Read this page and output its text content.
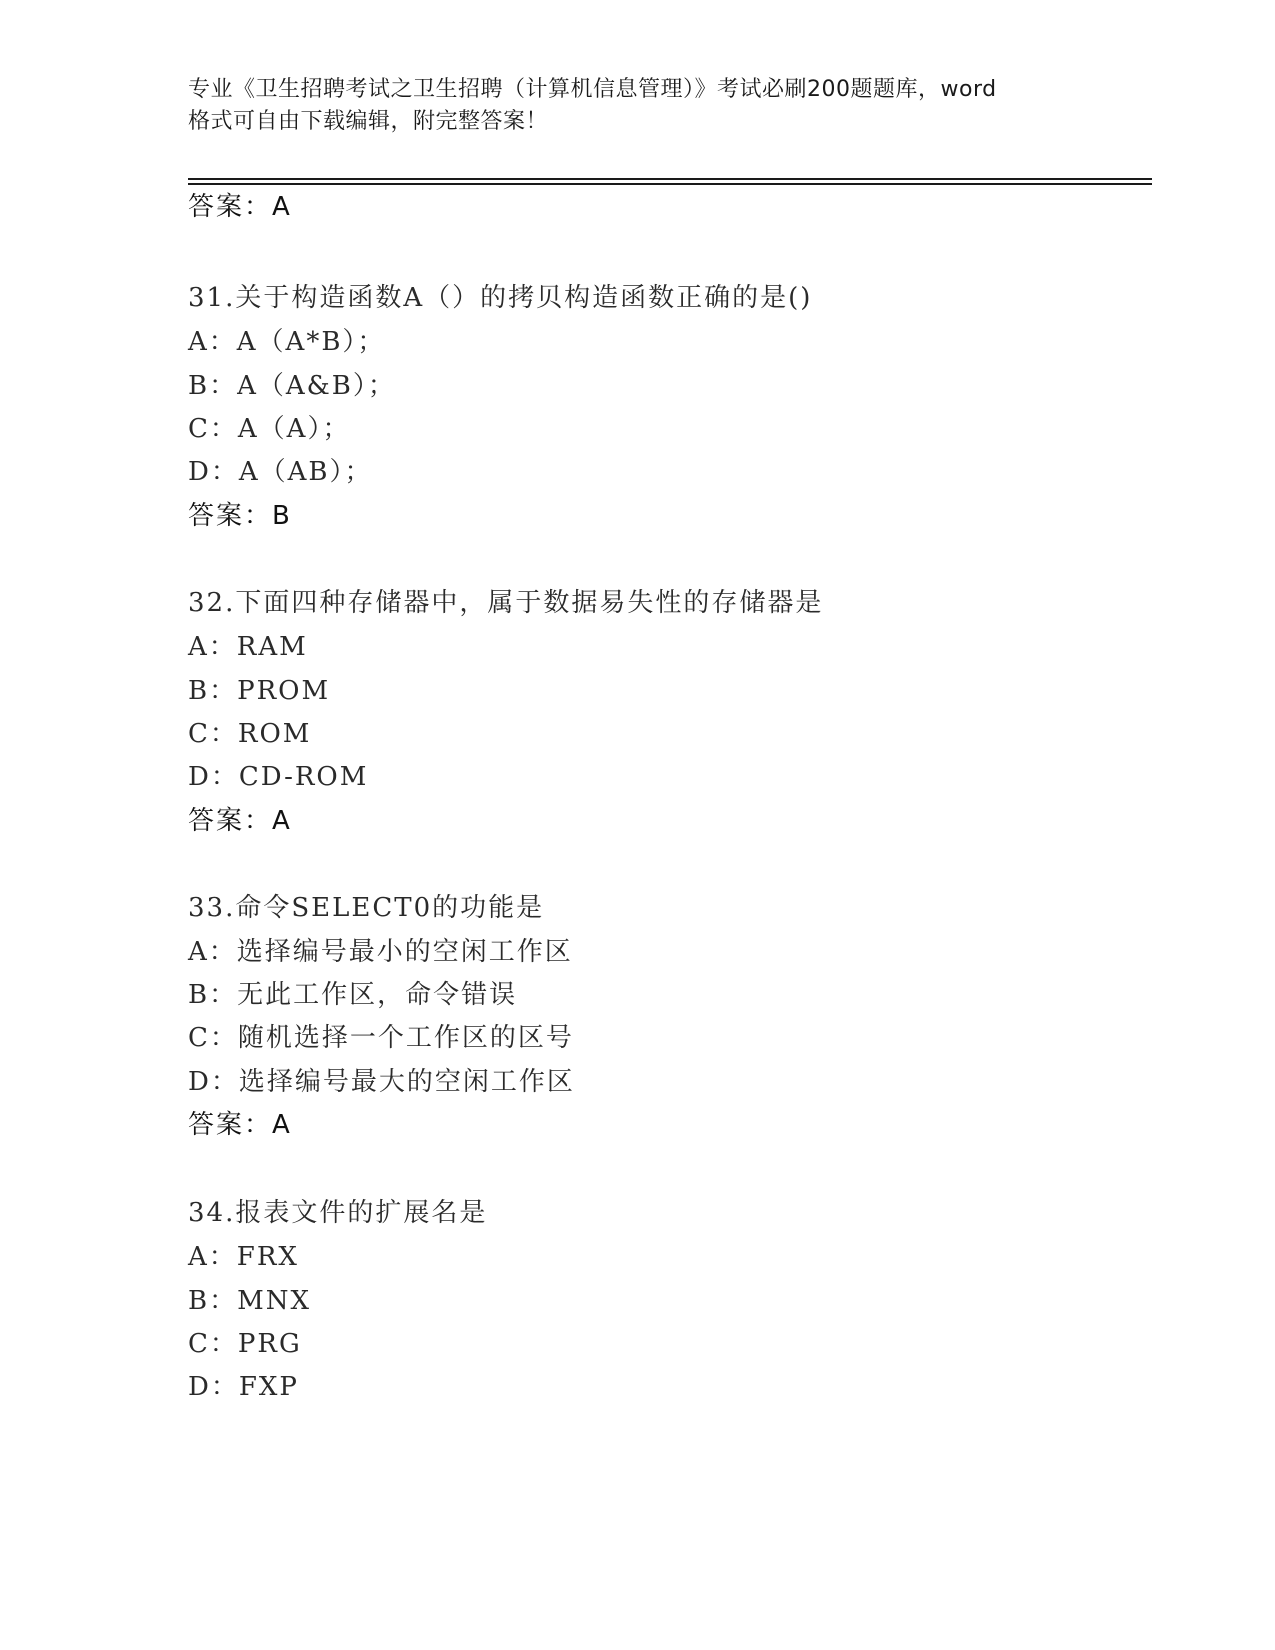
专业《卫生招聘考试之卫生招聘（计算机信息管理）》考试必刷200题题库，word

格式可自由下载编辑，附完整答案！

答案：A
31.关于构造函数A（）的拷贝构造函数正确的是()
A：A（A*B）；
B：A（A&B）；
C：A（A）；
D：A（AB）；
答案：B
32.下面四种存储器中，属于数据易失性的存储器是
A：RAM
B：PROM
C：ROM
D：CD-ROM
答案：A
33.命令SELECT0的功能是
A：选择编号最小的空闲工作区
B：无此工作区，命令错误
C：随机选择一个工作区的区号
D：选择编号最大的空闲工作区
答案：A
34.报表文件的扩展名是
A：FRX
B：MNX
C：PRG
D：FXP
